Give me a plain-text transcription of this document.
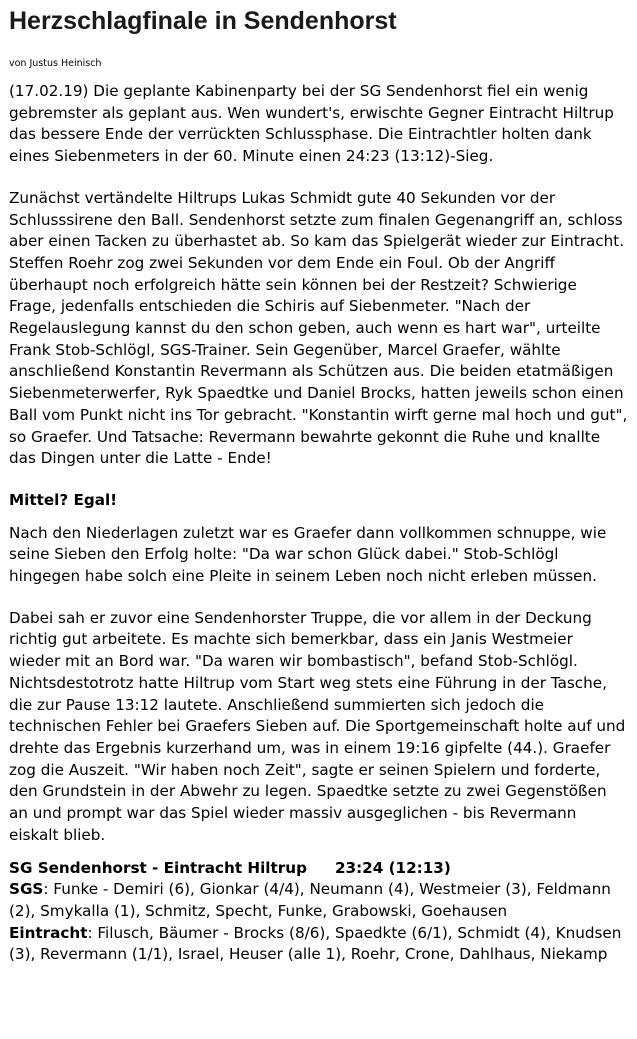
Herzschlagfinale in Sendenhorst
von Justus Heinisch

(17.02.19) Die geplante Kabinenparty bei der SG Sendenhorst fiel ein wenig gebremster als geplant aus. Wen wundert's, erwischte Gegner Eintracht Hiltrup das bessere Ende der verrückten Schlussphase. Die Eintrachtler holten dank eines Siebenmeters in der 60. Minute einen 24:23 (13:12)-Sieg.

Zunächst vertändelte Hiltrups Lukas Schmidt gute 40 Sekunden vor der Schlusssirene den Ball. Sendenhorst setzte zum finalen Gegenangriff an, schloss aber einen Tacken zu überhastet ab. So kam das Spielgerät wieder zur Eintracht. Steffen Roehr zog zwei Sekunden vor dem Ende ein Foul. Ob der Angriff überhaupt noch erfolgreich hätte sein können bei der Restzeit? Schwierige Frage, jedenfalls entschieden die Schiris auf Siebenmeter. "Nach der Regelauslegung kannst du den schon geben, auch wenn es hart war", urteilte Frank Stob-Schlögl, SGS-Trainer. Sein Gegenüber, Marcel Graefer, wählte anschließend Konstantin Revermann als Schützen aus. Die beiden etatmäßigen Siebenmeterwerfer, Ryk Spaedtke und Daniel Brocks, hatten jeweils schon einen Ball vom Punkt nicht ins Tor gebracht. "Konstantin wirft gerne mal hoch und gut", so Graefer. Und Tatsache: Revermann bewahrte gekonnt die Ruhe und knallte das Dingen unter die Latte - Ende!

Mittel? Egal!

Nach den Niederlagen zuletzt war es Graefer dann vollkommen schnuppe, wie seine Sieben den Erfolg holte: "Da war schon Glück dabei." Stob-Schlögl hingegen habe solch eine Pleite in seinem Leben noch nicht erleben müssen.

Dabei sah er zuvor eine Sendenhorster Truppe, die vor allem in der Deckung richtig gut arbeitete. Es machte sich bemerkbar, dass ein Janis Westmeier wieder mit an Bord war. "Da waren wir bombastisch", befand Stob-Schlögl. Nichtsdestotrotz hatte Hiltrup vom Start weg stets eine Führung in der Tasche, die zur Pause 13:12 lautete. Anschließend summierten sich jedoch die technischen Fehler bei Graefers Sieben auf. Die Sportgemeinschaft holte auf und drehte das Ergebnis kurzerhand um, was in einem 19:16 gipfelte (44.). Graefer zog die Auszeit. "Wir haben noch Zeit", sagte er seinen Spielern und forderte, den Grundstein in der Abwehr zu legen. Spaedtke setzte zu zwei Gegenstößen an und prompt war das Spiel wieder massiv ausgeglichen - bis Revermann eiskalt blieb.

SG Sendenhorst - Eintracht Hiltrup 23:24 (12:13)
SGS: Funke - Demiri (6), Gionkar (4/4), Neumann (4), Westmeier (3), Feldmann (2), Smykalla (1), Schmitz, Specht, Funke, Grabowski, Goehausen
Eintracht: Filusch, Bäumer - Brocks (8/6), Spaedkte (6/1), Schmidt (4), Knudsen (3), Revermann (1/1), Israel, Heuser (alle 1), Roehr, Crone, Dahlhaus, Niekamp
